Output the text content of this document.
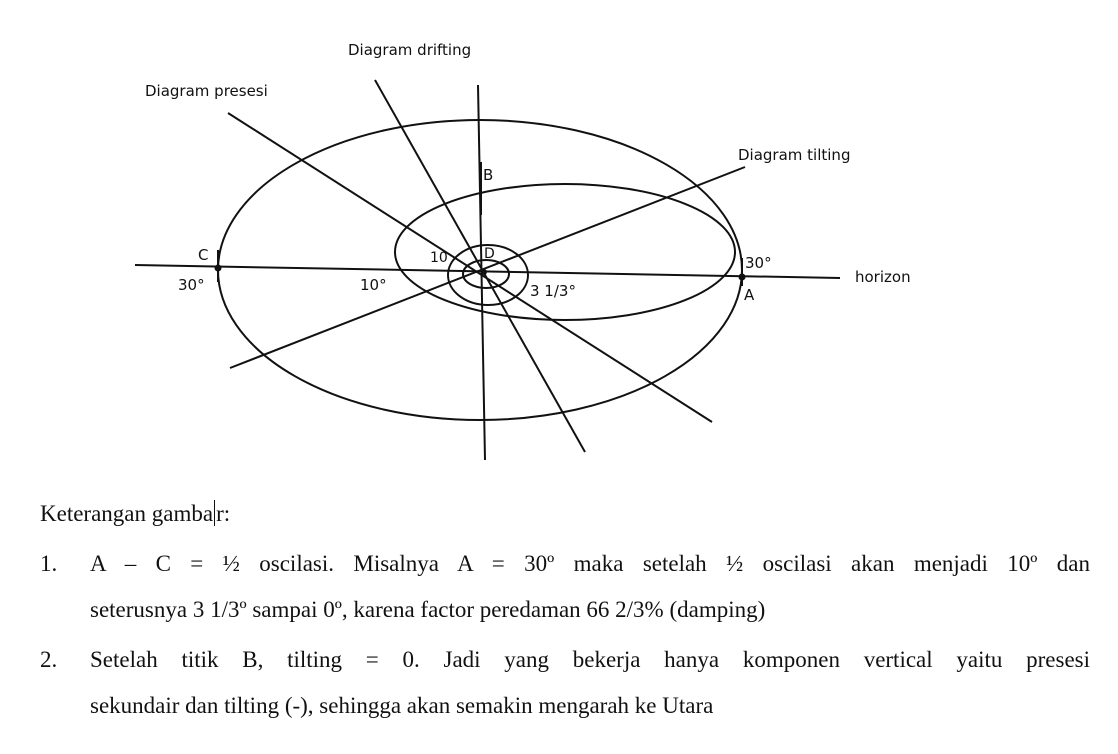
Diagram drifting
Diagram presesi
Diagram tilting
horizon
C
30°
A
30°
B
D
10°
10
3 1/3°
Keterangan gamba r:
1. A – C = ½ oscilasi. Misalnya A = 30º maka setelah ½ oscilasi akan menjadi 10º dan
seterusnya 3 1/3º sampai 0º, karena factor peredaman 66 2/3% (damping)
2. Setelah titik B, tilting = 0. Jadi yang bekerja hanya komponen vertical yaitu presesi
sekundair dan tilting (-), sehingga akan semakin mengarah ke Utara
